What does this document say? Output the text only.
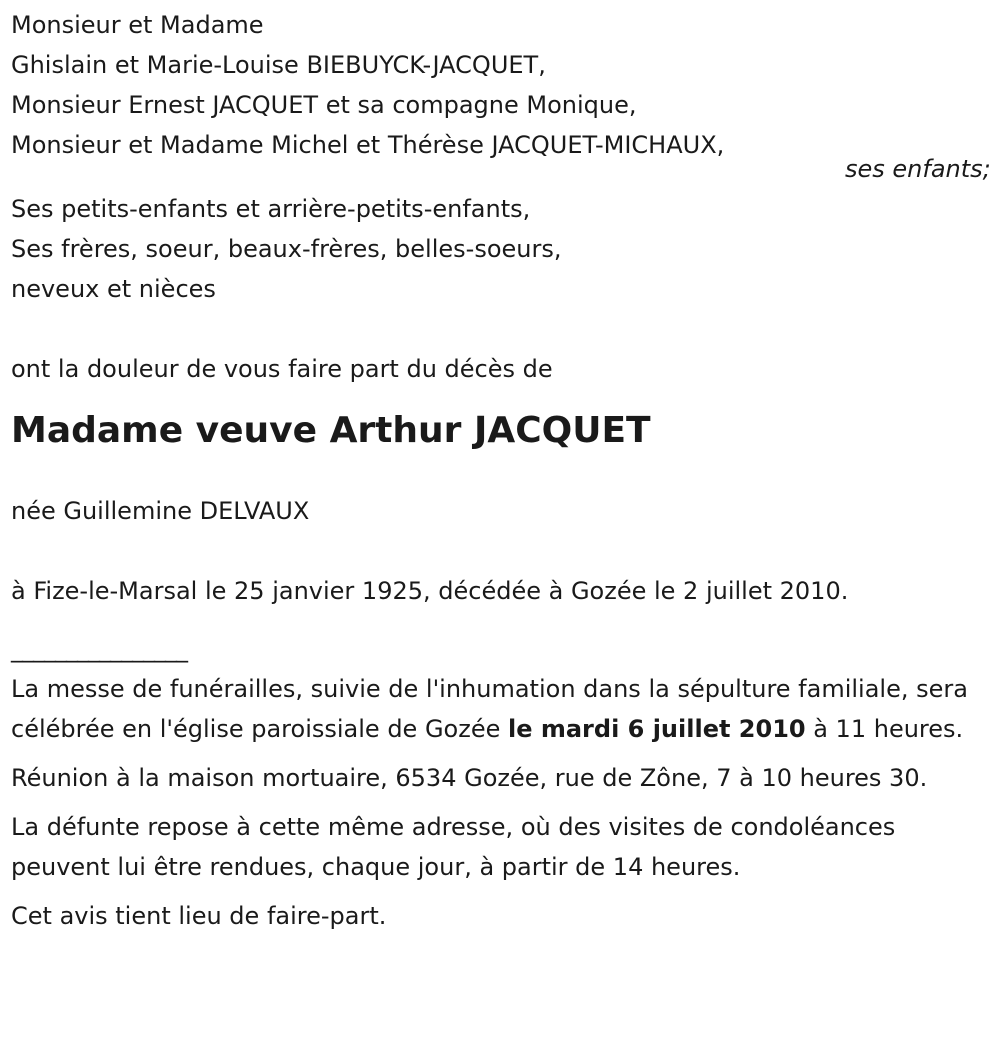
Monsieur et Madame
Ghislain et Marie-Louise BIEBUYCK-JACQUET,
Monsieur Ernest JACQUET et sa compagne Monique,
Monsieur et Madame Michel et Thérèse JACQUET-MICHAUX,
ses enfants;
Ses petits-enfants et arrière-petits-enfants,
Ses frères, soeur, beaux-frères, belles-soeurs,
neveux et nièces
ont la douleur de vous faire part du décès de
Madame veuve Arthur JACQUET
née Guillemine DELVAUX
à Fize-le-Marsal le 25 janvier 1925, décédée à Gozée le 2 juillet 2010.
________________
La messe de funérailles, suivie de l'inhumation dans la sépulture familiale, sera célébrée en l'église paroissiale de Gozée le mardi 6 juillet 2010 à 11 heures.
Réunion à la maison mortuaire, 6534 Gozée, rue de Zône, 7 à 10 heures 30.
La défunte repose à cette même adresse, où des visites de condoléances peuvent lui être rendues, chaque jour, à partir de 14 heures.
Cet avis tient lieu de faire-part.
